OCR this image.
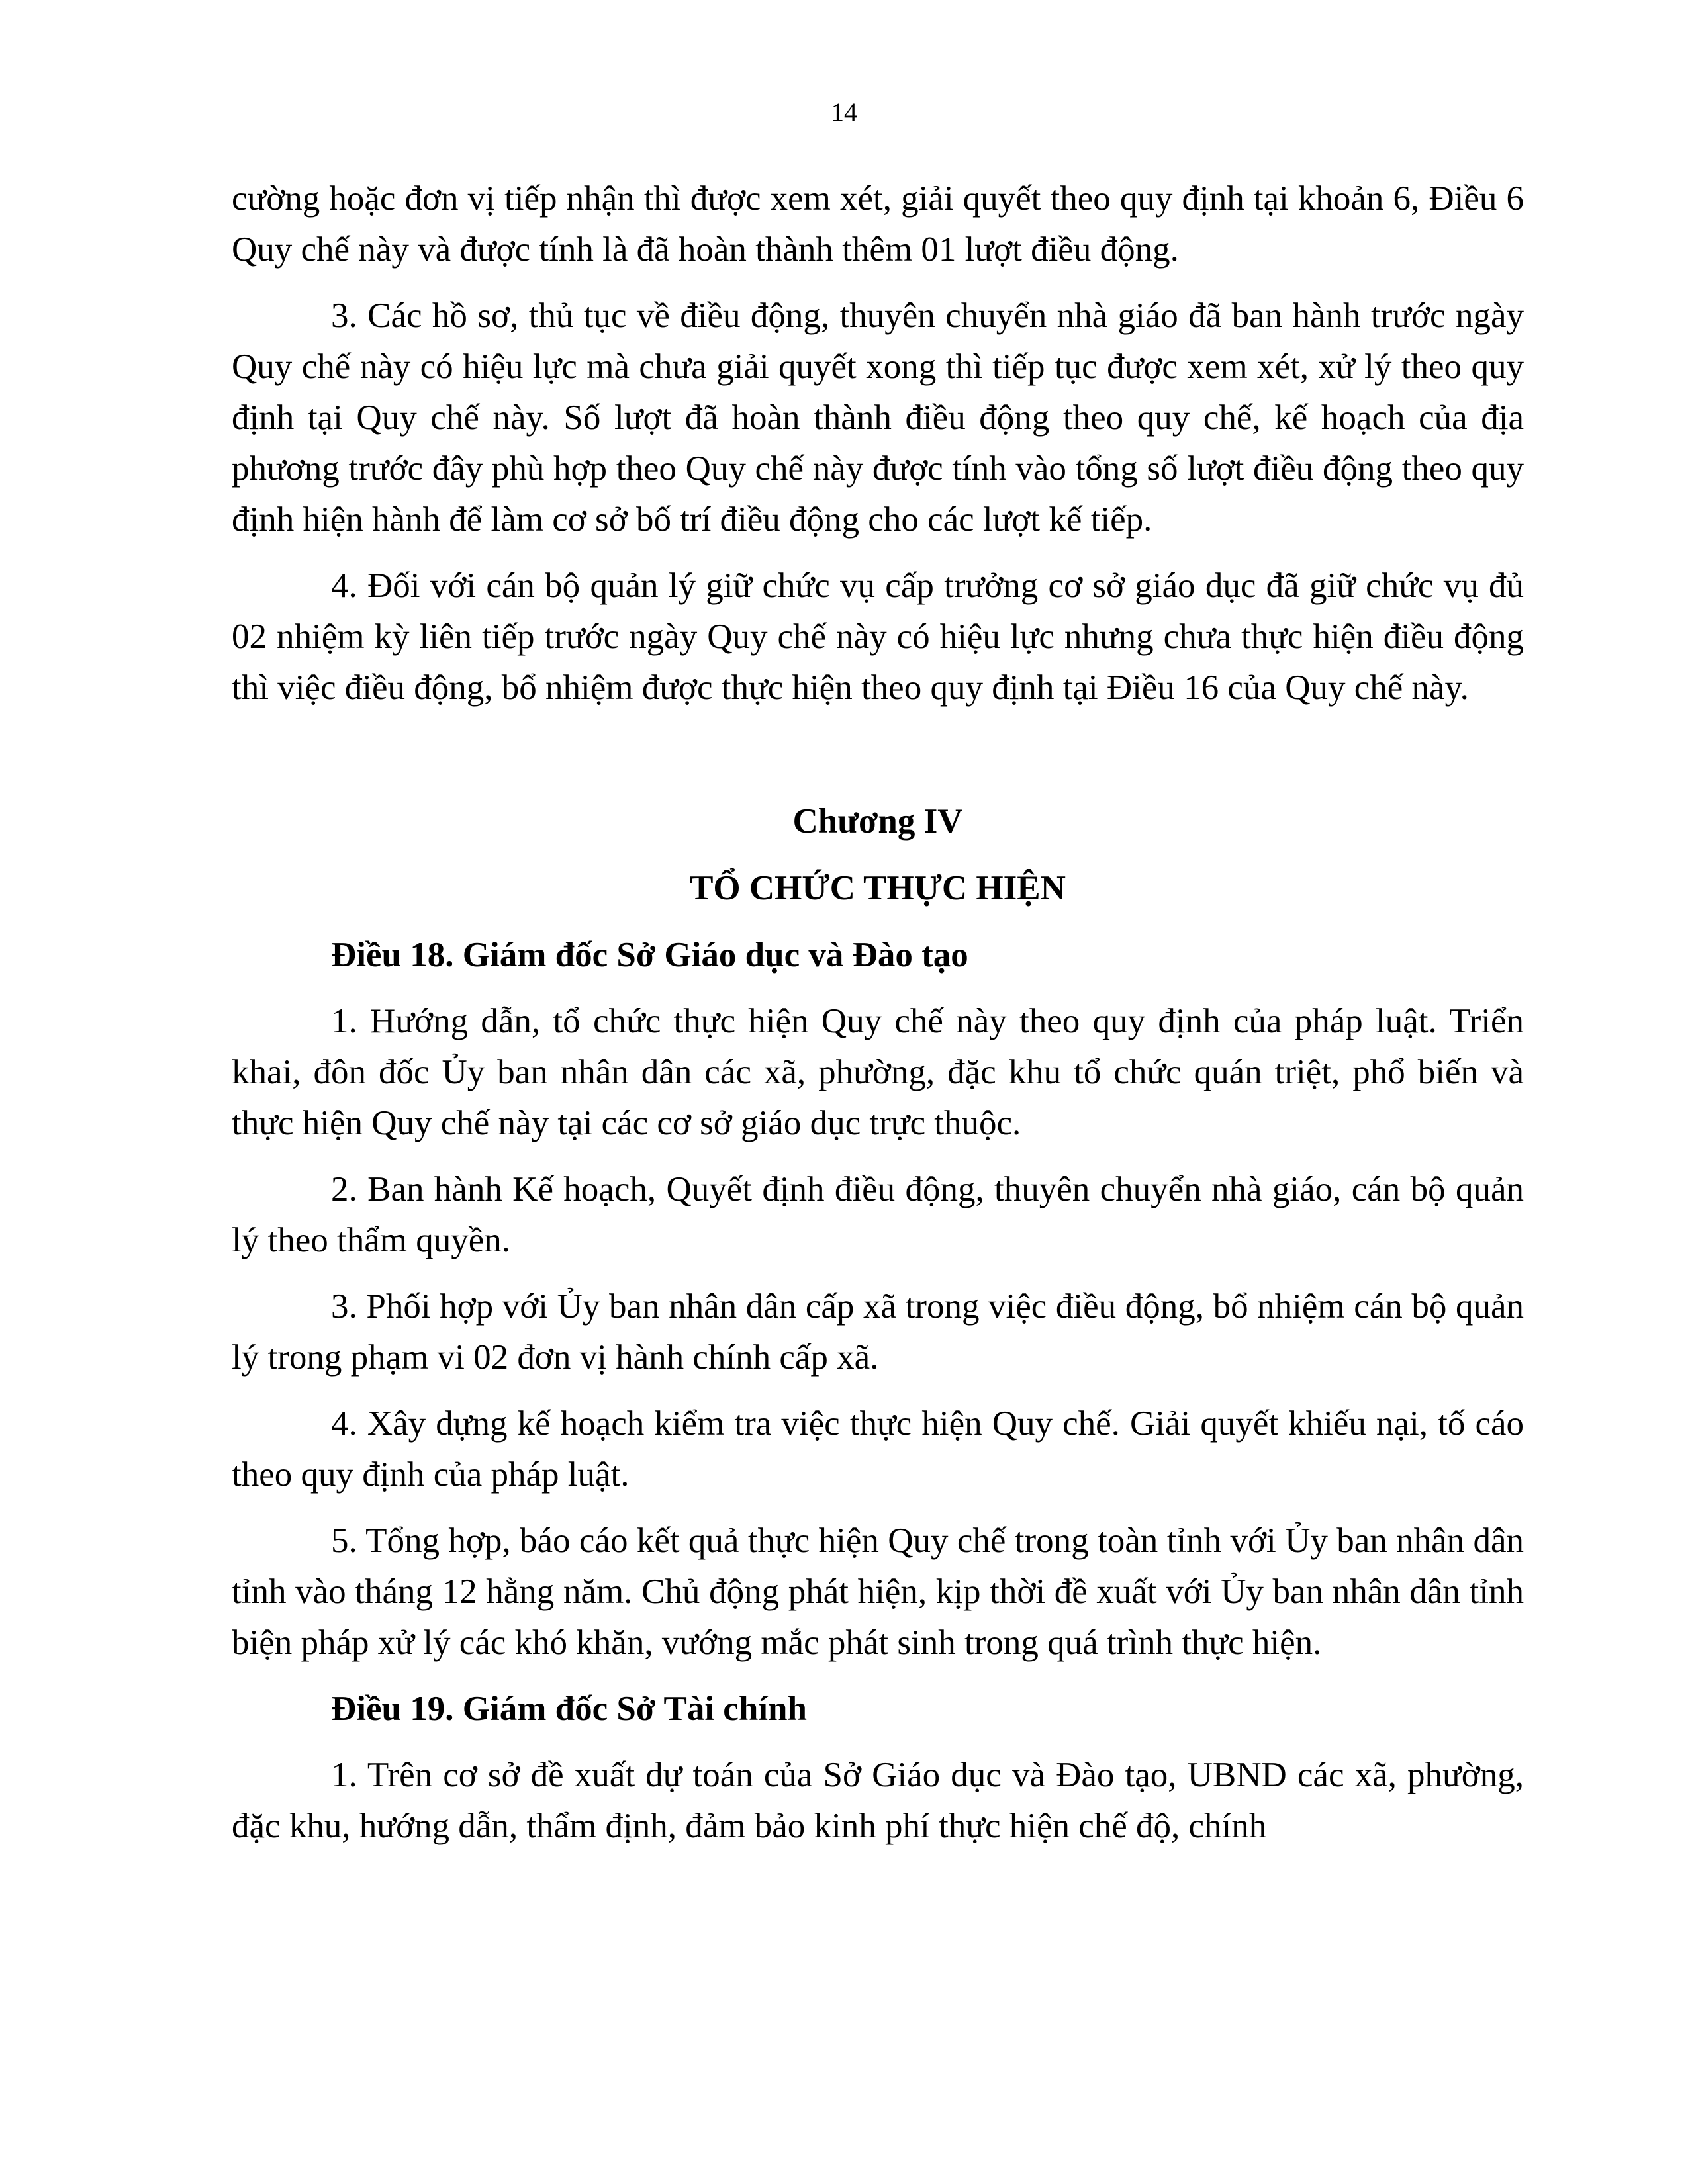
14

cường hoặc đơn vị tiếp nhận thì được xem xét, giải quyết theo quy định tại khoản 6, Điều 6 Quy chế này và được tính là đã hoàn thành thêm 01 lượt điều động.

3. Các hồ sơ, thủ tục về điều động, thuyên chuyển nhà giáo đã ban hành trước ngày Quy chế này có hiệu lực mà chưa giải quyết xong thì tiếp tục được xem xét, xử lý theo quy định tại Quy chế này. Số lượt đã hoàn thành điều động theo quy chế, kế hoạch của địa phương trước đây phù hợp theo Quy chế này được tính vào tổng số lượt điều động theo quy định hiện hành để làm cơ sở bố trí điều động cho các lượt kế tiếp.

4. Đối với cán bộ quản lý giữ chức vụ cấp trưởng cơ sở giáo dục đã giữ chức vụ đủ 02 nhiệm kỳ liên tiếp trước ngày Quy chế này có hiệu lực nhưng chưa thực hiện điều động thì việc điều động, bổ nhiệm được thực hiện theo quy định tại Điều 16 của Quy chế này.

Chương IV

TỔ CHỨC THỰC HIỆN

Điều 18. Giám đốc Sở Giáo dục và Đào tạo

1. Hướng dẫn, tổ chức thực hiện Quy chế này theo quy định của pháp luật. Triển khai, đôn đốc Ủy ban nhân dân các xã, phường, đặc khu tổ chức quán triệt, phổ biến và thực hiện Quy chế này tại các cơ sở giáo dục trực thuộc.

2. Ban hành Kế hoạch, Quyết định điều động, thuyên chuyển nhà giáo, cán bộ quản lý theo thẩm quyền.

3. Phối hợp với Ủy ban nhân dân cấp xã trong việc điều động, bổ nhiệm cán bộ quản lý trong phạm vi 02 đơn vị hành chính cấp xã.

4. Xây dựng kế hoạch kiểm tra việc thực hiện Quy chế. Giải quyết khiếu nại, tố cáo theo quy định của pháp luật.

5. Tổng hợp, báo cáo kết quả thực hiện Quy chế trong toàn tỉnh với Ủy ban nhân dân tỉnh vào tháng 12 hằng năm. Chủ động phát hiện, kịp thời đề xuất với Ủy ban nhân dân tỉnh biện pháp xử lý các khó khăn, vướng mắc phát sinh trong quá trình thực hiện.

Điều 19. Giám đốc Sở Tài chính

1. Trên cơ sở đề xuất dự toán của Sở Giáo dục và Đào tạo, UBND các xã, phường, đặc khu, hướng dẫn, thẩm định, đảm bảo kinh phí thực hiện chế độ, chính
